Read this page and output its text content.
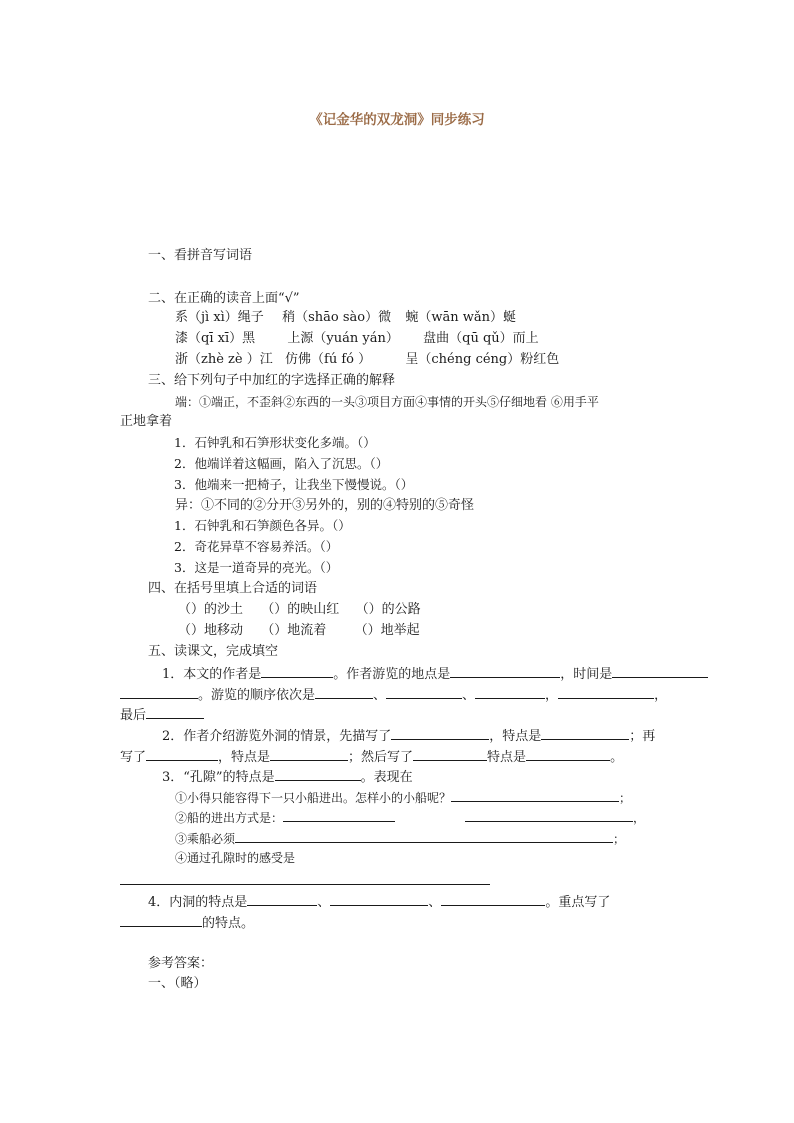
《记金华的双龙洞》同步练习
一、看拼音写词语
二、在正确的读音上面“√”
系（jì xì）绳子 稍（shāo sào）微 蜿（wān wǎn）蜒
漆（qī xī）黑 上源（yuán yán） 盘曲（qū qǔ）而上
浙（zhè zè ）江 仿佛（fú fó ）	呈（chéng céng）粉红色
三、给下列句子中加红的字选择正确的解释
端：①端正，不歪斜②东西的一头③项目方面④事情的开头⑤仔细地看 ⑥用手平
正地拿着
1．石钟乳和石笋形状变化多端。（）
2．他端详着这幅画，陷入了沉思。（）
3．他端来一把椅子，让我坐下慢慢说。（）
异：①不同的②分开③另外的，别的④特别的⑤奇怪
1．石钟乳和石笋颜色各异。（）
2．奇花异草不容易养活。（）
3．这是一道奇异的亮光。（）
四、在括号里填上合适的词语
（）的沙土 （）的映山红 （）的公路
（）地移动 （）地流着 （）地举起
五、读课文，完成填空
1．本文的作者是	。作者游览的地点是	，时间是
。游览的顺序依次是	、	、	，	，
最后
2．作者介绍游览外洞的情景，先描写了	，特点是	；再
写了	，特点是	；然后写了	特点是	。
3．“孔隙”的特点是	。表现在
①小得只能容得下一只小船进出。怎样小的小船呢？	；
②船的进出方式是：	，
③乘船必须	；
④通过孔隙时的感受是
4．内洞的特点是	、	、	。重点写了
的特点。
参考答案：
一、（略）
